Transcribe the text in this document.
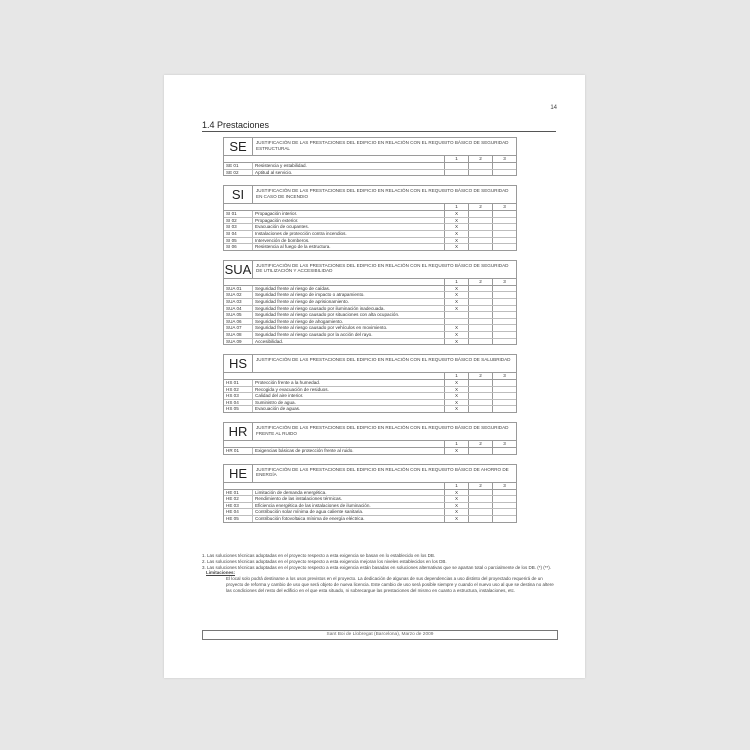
14
1.4 Prestaciones
SE	JUSTIFICACIÓN DE LAS PRESTACIONES DEL EDIFICIO EN RELACIÓN CON EL REQUISITO BÁSICO DE SEGURIDAD ESTRUCTURAL
1	2	3
SE 01	Resistencia y estabilidad.
SE 02	Aptitud al servicio.
SI	JUSTIFICACIÓN DE LAS PRESTACIONES DEL EDIFICIO EN RELACIÓN CON EL REQUISITO BÁSICO DE SEGURIDAD EN CASO DE INCENDIO
1	2	3
SI 01	Propagación interior.	X
SI 02	Propagación exterior.	X
SI 03	Evacuación de ocupantes.	X
SI 04	Instalaciones de protección contra incendios.	X
SI 05	Intervención de bomberos.	X
SI 06	Resistencia al fuego de la estructura.	X
SUA	JUSTIFICACIÓN DE LAS PRESTACIONES DEL EDIFICIO EN RELACIÓN CON EL REQUISITO BÁSICO DE SEGURIDAD DE UTILIZACIÓN Y ACCESIBILIDAD
1	2	3
SUA 01	Seguridad frente al riesgo de caídas.	X
SUA 02	Seguridad frente al riesgo de impacto o atrapamiento.	X
SUA 03	Seguridad frente al riesgo de aprisionamiento.	X
SUA 04	Seguridad frente al riesgo causado por iluminación inadecuada.	X
SUA 05	Seguridad frente al riesgo causado por situaciones con alta ocupación.
SUA 06	Seguridad frente al riesgo de ahogamiento.
SUA 07	Seguridad frente al riesgo causado por vehículos en movimiento.	X
SUA 08	Seguridad frente al riesgo causado por la acción del rayo.	X
SUA 09	Accesibilidad.	X
HS	JUSTIFICACIÓN DE LAS PRESTACIONES DEL EDIFICIO EN RELACIÓN CON EL REQUISITO BÁSICO DE SALUBRIDAD
1	2	3
HS 01	Protección frente a la humedad.	X
HS 02	Recogida y evacuación de residuos.	X
HS 03	Calidad del aire interior.	X
HS 04	Suministro de agua.	X
HS 05	Evacuación de aguas.	X
HR	JUSTIFICACIÓN DE LAS PRESTACIONES DEL EDIFICIO EN RELACIÓN CON EL REQUISITO BÁSICO DE SEGURIDAD FRENTE AL RUIDO
1	2	3
HR 01	Exigencias básicas de protección frente al ruido.	X
HE	JUSTIFICACIÓN DE LAS PRESTACIONES DEL EDIFICIO EN RELACIÓN CON EL REQUISITO BÁSICO DE AHORRO DE ENERGÍA
1	2	3
HE 01	Limitación de demanda energética.	X
HE 02	Rendimiento de las instalaciones térmicas.	X
HE 03	Eficiencia energética de las instalaciones de iluminación.	X
HE 04	Contribución solar mínima de agua caliente sanitaria.	X
HE 05	Contribución fotovoltaica mínima de energía eléctrica.	X
1. Las soluciones técnicas adoptadas en el proyecto respecto a esta exigencia se basan en lo establecido en los DB.
2. Las soluciones técnicas adoptadas en el proyecto respecto a esta exigencia mejoran los niveles establecidos en los DB.
3. Las soluciones técnicas adoptadas en el proyecto respecto a esta exigencia están basadas en soluciones alternativas que se apartan total o parcialmente de los DB. (*) (**).
Limitaciones:
El local solo podrá destinarse a los usos previstos en el proyecto. La dedicación de algunas de sus dependencias a uso distinto del proyectado requerirá de un proyecto de reforma y cambio de uso que será objeto de nueva licencia. Este cambio de uso será posible siempre y cuando el nuevo uso al que se destina no altere las condiciones del resto del edificio en el que esta situado, ni sobrecargue las prestaciones del mismo en cuanto a estructura, instalaciones, etc.
Sant Boi de Llobregat (Barcelona), Marzo de 2009
